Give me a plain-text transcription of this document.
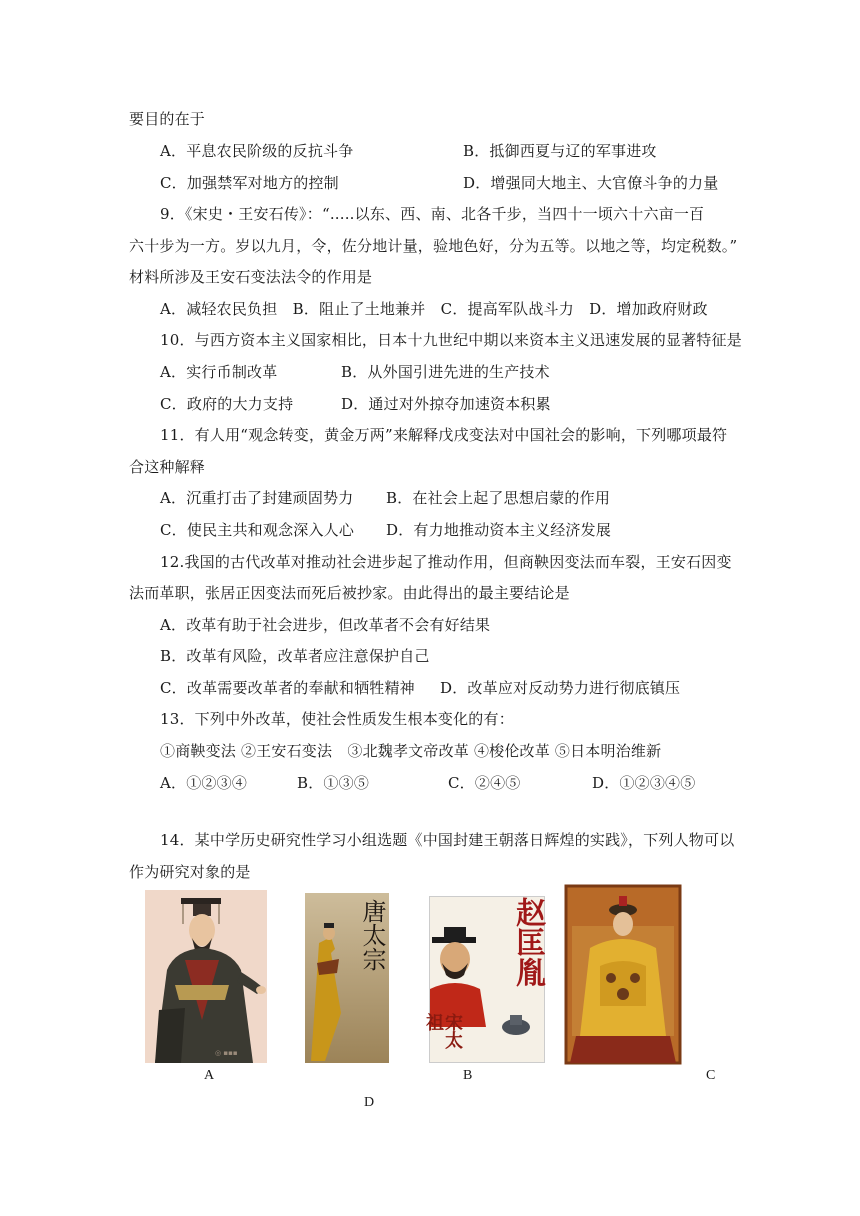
要目的在于
A．平息农民阶级的反抗斗争	B．抵御西夏与辽的军事进攻
C．加强禁军对地方的控制	D．增强同大地主、大官僚斗争的力量
9．《宋史・王安石传》：“.....以东、西、南、北各千步，当四十一顷六十六亩一百
六十步为一方。岁以九月，令，佐分地计量，验地色好，分为五等。以地之等，均定税数。”
材料所涉及王安石变法法令的作用是
A．减轻农民负担　B．阻止了土地兼并　C．提高军队战斗力　D．增加政府财政
10．与西方资本主义国家相比，日本十九世纪中期以来资本主义迅速发展的显著特征是
A．实行币制改革	B．从外国引进先进的生产技术
C．政府的大力支持	D．通过对外掠夺加速资本积累
11．有人用“观念转变，黄金万两”来解释戊戌变法对中国社会的影响，下列哪项最符
合这种解释
A．沉重打击了封建顽固势力 B．在社会上起了思想启蒙的作用
C．使民主共和观念深入人心 D．有力地推动资本主义经济发展
12.我国的古代改革对推动社会进步起了推动作用，但商鞅因变法而车裂，王安石因变
法而革职，张居正因变法而死后被抄家。由此得出的最主要结论是
A．改革有助于社会进步，但改革者不会有好结果
B．改革有风险，改革者应注意保护自己
C．改革需要改革者的奉献和牺牲精神 D．改革应对反动势力进行彻底镇压
13．下列中外改革，使社会性质发生根本变化的有：
①商鞅变法 ②王安石变法　③北魏孝文帝改革 ④梭伦改革 ⑤日本明治维新
A．①②③④	B．①③⑤	C．②④⑤	D．①②③④⑤
14．某中学历史研究性学习小组选题《中国封建王朝落日辉煌的实践》，下列人物可以
作为研究对象的是
◎ ▪▪▪
唐太宗	赵匡胤
宋太祖
A	B	C
D
